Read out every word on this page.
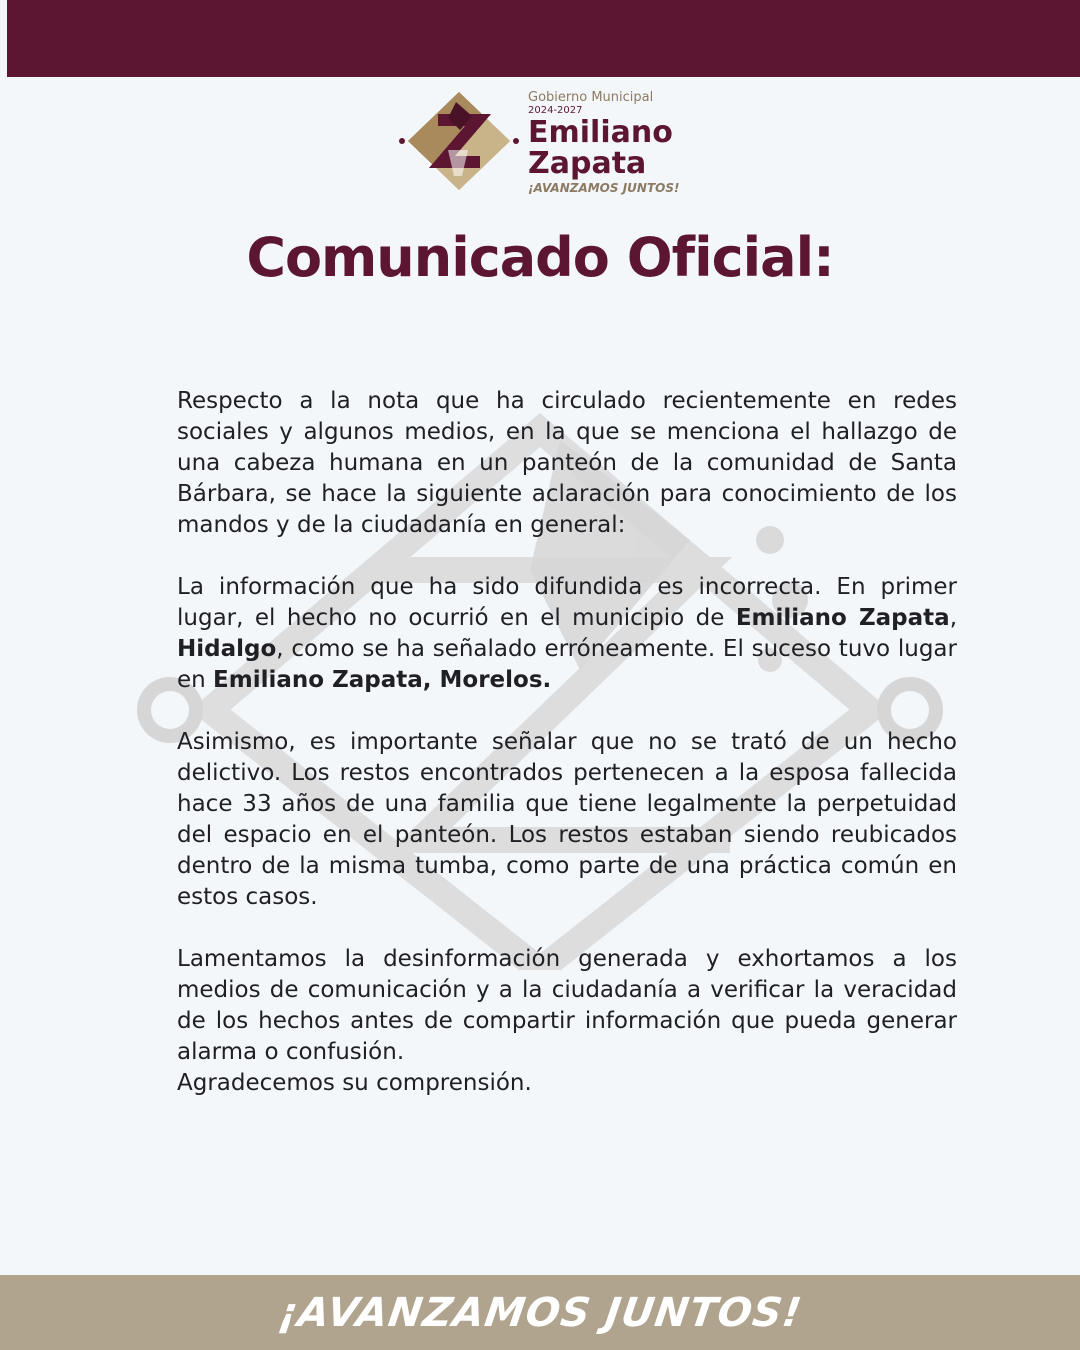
Gobierno Municipal
2024-2027
Emiliano
Zapata
¡AVANZAMOS JUNTOS!
Comunicado Oficial:

Respecto a la nota que ha circulado recientemente en redes sociales y algunos medios, en la que se menciona el hallazgo de una cabeza humana en un panteón de la comunidad de Santa Bárbara, se hace la siguiente aclaración para conocimiento de los mandos y de la ciudadanía en general:

La información que ha sido difundida es incorrecta. En primer lugar, el hecho no ocurrió en el municipio de Emiliano Zapata, Hidalgo, como se ha señalado erróneamente. El suceso tuvo lugar en Emiliano Zapata, Morelos.

Asimismo, es importante señalar que no se trató de un hecho delictivo. Los restos encontrados pertenecen a la esposa fallecida hace 33 años de una familia que tiene legalmente la perpetuidad del espacio en el panteón. Los restos estaban siendo reubicados dentro de la misma tumba, como parte de una práctica común en estos casos.

Lamentamos la desinformación generada y exhortamos a los medios de comunicación y a la ciudadanía a verificar la veracidad de los hechos antes de compartir información que pueda generar alarma o confusión.

Agradecemos su comprensión.

¡AVANZAMOS JUNTOS!
